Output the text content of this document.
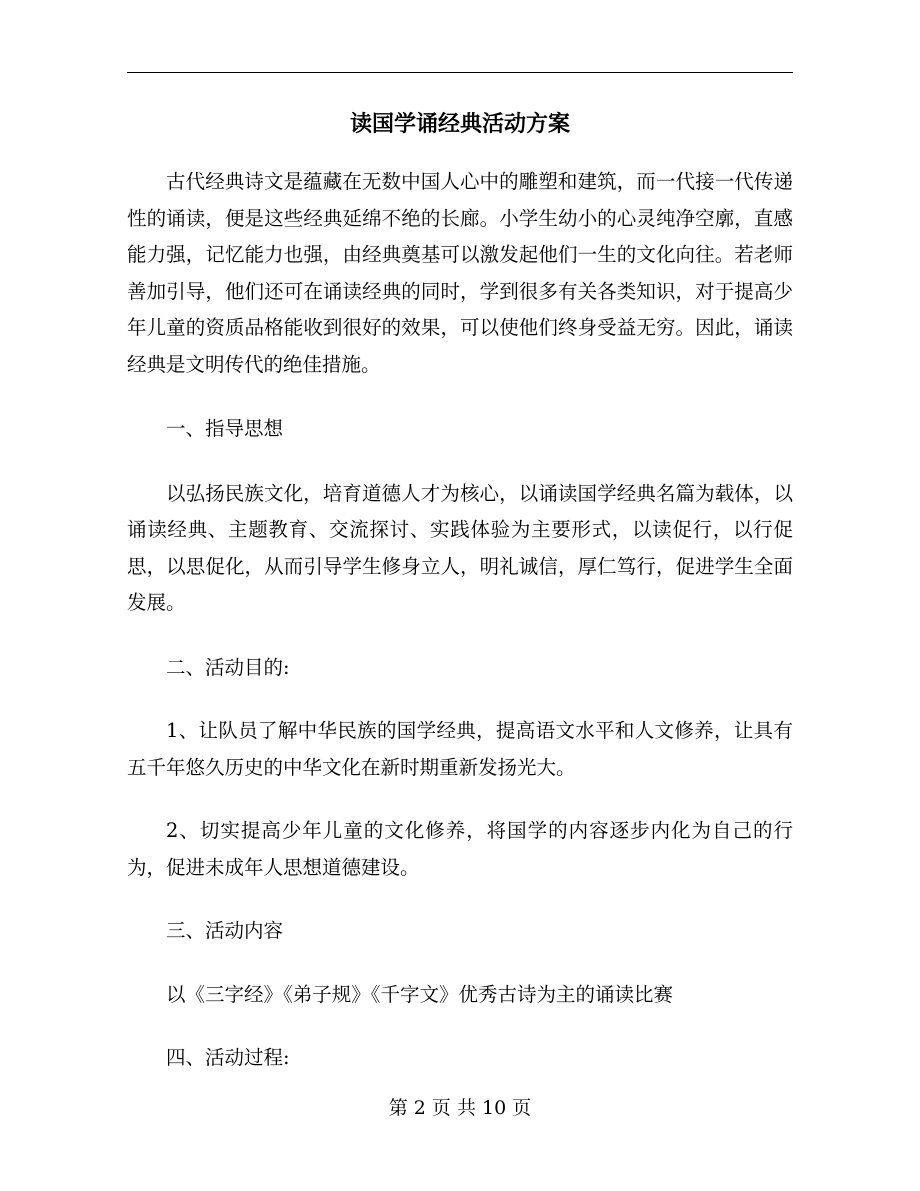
读国学诵经典活动方案

古代经典诗文是蕴藏在无数中国人心中的雕塑和建筑，而一代接一代传递性的诵读，便是这些经典延绵不绝的长廊。小学生幼小的心灵纯净空廓，直感能力强，记忆能力也强，由经典奠基可以激发起他们一生的文化向往。若老师善加引导，他们还可在诵读经典的同时，学到很多有关各类知识，对于提高少年儿童的资质品格能收到很好的效果，可以使他们终身受益无穷。因此，诵读经典是文明传代的绝佳措施。

一、指导思想

以弘扬民族文化，培育道德人才为核心，以诵读国学经典名篇为载体，以诵读经典、主题教育、交流探讨、实践体验为主要形式，以读促行，以行促思，以思促化，从而引导学生修身立人，明礼诚信，厚仁笃行，促进学生全面发展。

二、活动目的:

1、让队员了解中华民族的国学经典，提高语文水平和人文修养，让具有五千年悠久历史的中华文化在新时期重新发扬光大。

2、切实提高少年儿童的文化修养，将国学的内容逐步内化为自己的行为，促进未成年人思想道德建设。

三、活动内容

以《三字经》《弟子规》《千字文》优秀古诗为主的诵读比赛

四、活动过程:

第 2 页 共 10 页
